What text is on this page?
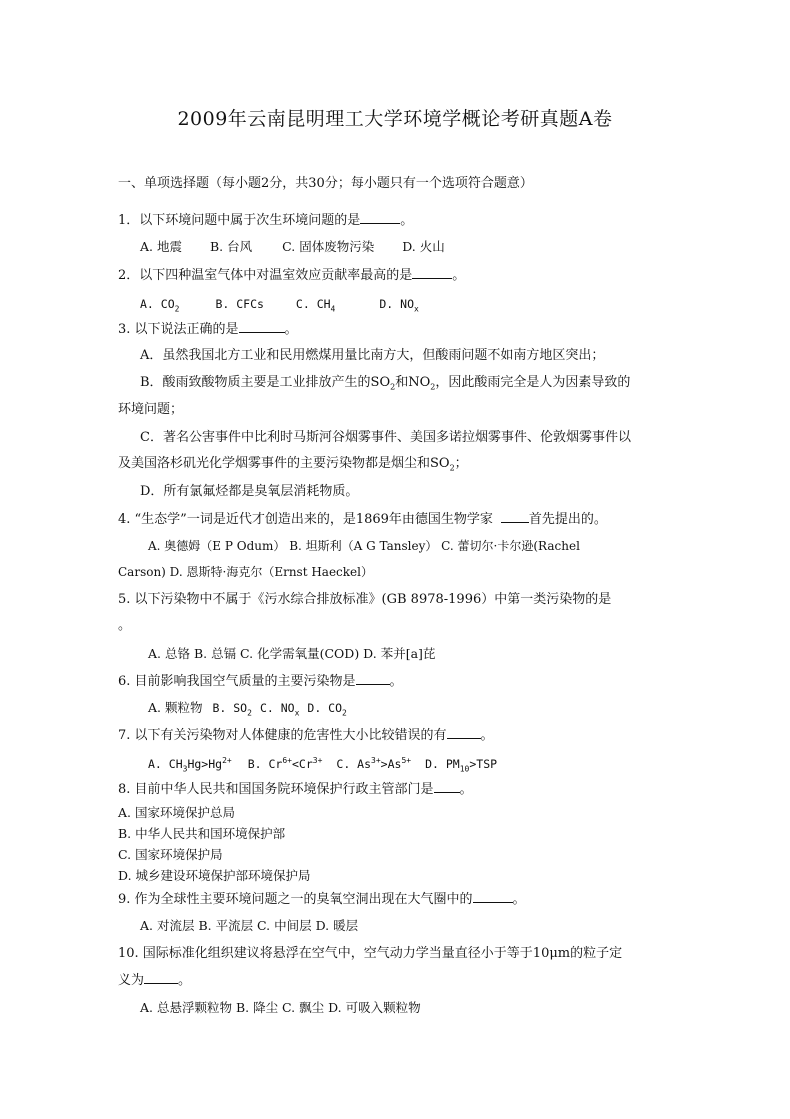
2009年云南昆明理工大学环境学概论考研真题A卷
一、单项选择题（每小题2分，共30分；每小题只有一个选项符合题意）
1．以下环境问题中属于次生环境问题的是	。
A. 地震 B. 台风 C. 固体废物污染 D. 火山
2．以下四种温室气体中对温室效应贡献率最高的是	。
A. $CO_2$	B. CFCs	C. $CH_4$	D. $NO_x$
3. 以下说法正确的是	。
A．虽然我国北方工业和民用燃煤用量比南方大，但酸雨问题不如南方地区突出；
B．酸雨致酸物质主要是工业排放产生的$SO_2$和$NO_2$，因此酸雨完全是人为因素导致的
环境问题；
C．著名公害事件中比利时马斯河谷烟雾事件、美国多诺拉烟雾事件、伦敦烟雾事件以
及美国洛杉矶光化学烟雾事件的主要污染物都是烟尘和$SO_2$；
D．所有氯氟烃都是臭氧层消耗物质。
4. “生态学”一词是近代才创造出来的，是1869年由德国生物学家	首先提出的。
A. 奥德姆（E P Odum） B. 坦斯利（A G Tansley） C. 蕾切尔·卡尔逊(Rachel
Carson) D. 恩斯特·海克尔（Ernst Haeckel）
5. 以下污染物中不属于《污水综合排放标准》(GB 8978-1996）中第一类污染物的是
。
A. 总铬 B. 总镉 C. 化学需氧量(COD) D. 苯并[a]芘
6. 目前影响我国空气质量的主要污染物是	。
A. 颗粒物 B. $SO_2$ C. $NO_x$ D. $CO_2$
7. 以下有关污染物对人体健康的危害性大小比较错误的有	。
A. $CH_3Hg>Hg^{2+}$ B. $Cr^{6+}<Cr^{3+}$ C. $As^{3+}>As^{5+}$ D. $PM_{10}>TSP$
8. 目前中华人民共和国国务院环境保护行政主管部门是 。
A. 国家环境保护总局
B. 中华人民共和国环境保护部
C. 国家环境保护局
D. 城乡建设环境保护部环境保护局
9. 作为全球性主要环境问题之一的臭氧空洞出现在大气圈中的	。
A. 对流层 B. 平流层 C. 中间层 D. 暖层
10. 国际标准化组织建议将悬浮在空气中，空气动力学当量直径小于等于10μm的粒子定
义为	。
A. 总悬浮颗粒物 B. 降尘 C. 飘尘 D. 可吸入颗粒物
